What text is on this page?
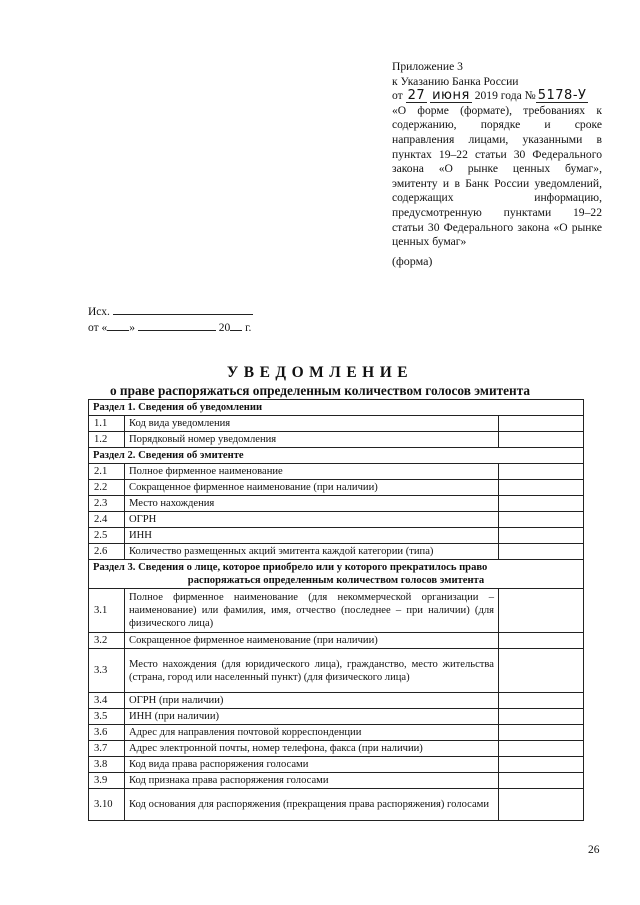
Приложение 3
к Указанию Банка России
от 27 июня 2019 года № 5178-У
«О форме (формате), требованиях к
содержанию, порядке и сроке
направления лицами, указанными в
пунктах 19–22 статьи 30 Федерального
закона «О рынке ценных бумаг»,
эмитенту и в Банк России уведомлений,
содержащих информацию,
предусмотренную пунктами 19–22
статьи 30 Федерального закона «О рынке
ценных бумаг»
(форма)
Исх.
от « »	20 г.
УВЕДОМЛЕНИЕ
о праве распоряжаться определенным количеством голосов эмитента
Раздел 1. Сведения об уведомлении		

1.1	Код вида уведомления	
1.2	Порядковый номер уведомления	

Раздел 2. Сведения об эмитенте		

2.1	Полное фирменное наименование	
2.2	Сокращенное фирменное наименование (при наличии)	
2.3	Место нахождения	
2.4	ОГРН	
2.5	ИНН	
2.6	Количество размещенных акций эмитента каждой категории (типа)	

Раздел 3. Сведения о лице, которое приобрело или у которого прекратилось право
распоряжаться определенным количеством голосов эмитента		

3.1	Полное фирменное наименование (для некоммерческой организации – наименование) или фамилия, имя, отчество (последнее – при наличии) (для физического лица)	
3.2	Сокращенное фирменное наименование (при наличии)	
3.3	Место нахождения (для юридического лица), гражданство, место жительства (страна, город или населенный пункт) (для физического лица)	
3.4	ОГРН (при наличии)	
3.5	ИНН (при наличии)	
3.6	Адрес для направления почтовой корреспонденции	
3.7	Адрес электронной почты, номер телефона, факса (при наличии)	
3.8	Код вида права распоряжения голосами	
3.9	Код признака права распоряжения голосами	
3.10	Код основания для распоряжения (прекращения права распоряжения) голосами	
26
